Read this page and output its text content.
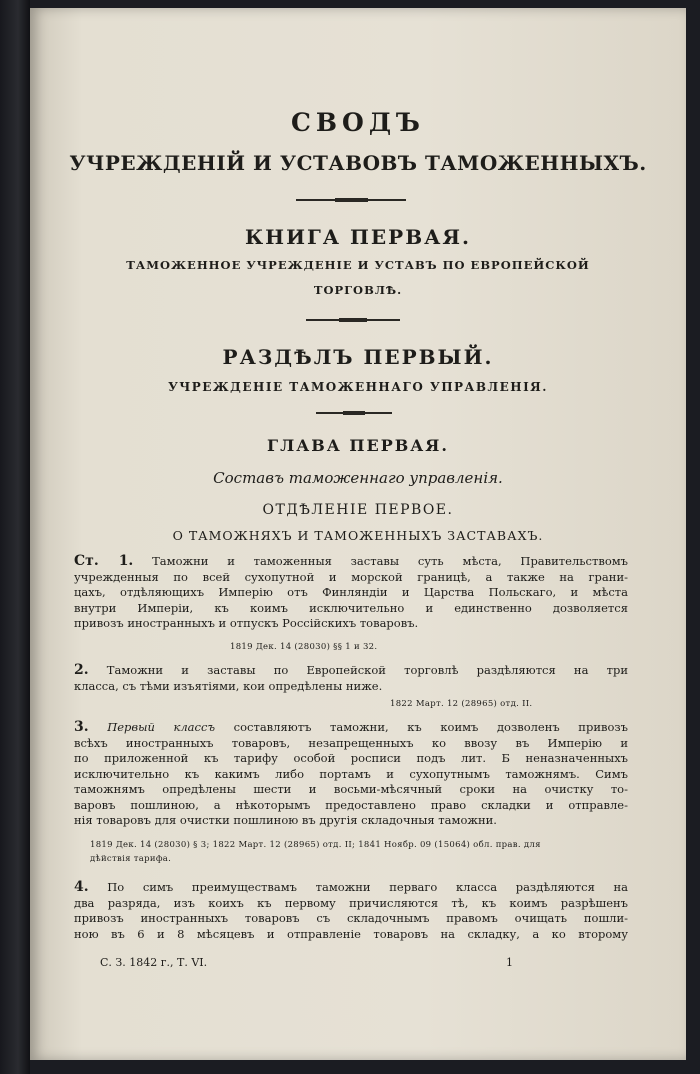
СВОДЪ
УЧРЕЖДЕНІЙ И УСТАВОВЪ ТАМОЖЕННЫХЪ.
КНИГА ПЕРВАЯ.
ТАМОЖЕННОЕ УЧРЕЖДЕНІЕ И УСТАВЪ ПО ЕВРОПЕЙСКОЙ
ТОРГОВЛѢ.
РАЗДѢЛЪ ПЕРВЫЙ.
УЧРЕЖДЕНІЕ ТАМОЖЕННАГО УПРАВЛЕНІЯ.
ГЛАВА ПЕРВАЯ.
Составъ таможеннаго управленія.
ОТДѢЛЕНІЕ ПЕРВОЕ.
О ТАМОЖНЯХЪ И ТАМОЖЕННЫХЪ ЗАСТАВАХЪ.
Ст. 1. Таможни и таможенныя заставы суть мѣста, Правительствомъ
учрежденныя по всей сухопутной и морской границѣ, а также на грани-
цахъ, отдѣляющихъ Имперію отъ Финляндіи и Царства Польскаго, и мѣста
внутри Имперіи, къ коимъ исключительно и единственно дозволяется
привозъ иностранныхъ и отпускъ Россійскихъ товаровъ.
1819 Дек. 14 (28030) §§ 1 и 32.
2. Таможни и заставы по Европейской торговлѣ раздѣляются на три
класса, съ тѣми изъятіями, кои опредѣлены ниже.
1822 Март. 12 (28965) отд. II.
3. Первый классъ составляютъ таможни, къ коимъ дозволенъ привозъ
всѣхъ иностранныхъ товаровъ, незапрещенныхъ ко ввозу въ Имперію и
по приложенной къ тарифу особой росписи подъ лит. Б неназначенныхъ
исключительно къ какимъ либо портамъ и сухопутнымъ таможнямъ. Симъ
таможнямъ опредѣлены шести и восьми-мѣсячный сроки на очистку то-
варовъ пошлиною, а нѣкоторымъ предоставлено право складки и отправле-
нія товаровъ для очистки пошлиною въ другія складочныя таможни.
1819 Дек. 14 (28030) § 3; 1822 Март. 12 (28965) отд. II; 1841 Ноябр. 09 (15064) обл. прав. для
дѣйствія тарифа.
4. По симъ преимуществамъ таможни перваго класса раздѣляются на
два разряда, изъ коихъ къ первому причисляются тѣ, къ коимъ разрѣшенъ
привозъ иностранныхъ товаровъ съ складочнымъ правомъ очищать пошли-
ною въ 6 и 8 мѣсяцевъ и отправленіе товаровъ на складку, а ко второму
С. З. 1842 г., Т. VI.	1
